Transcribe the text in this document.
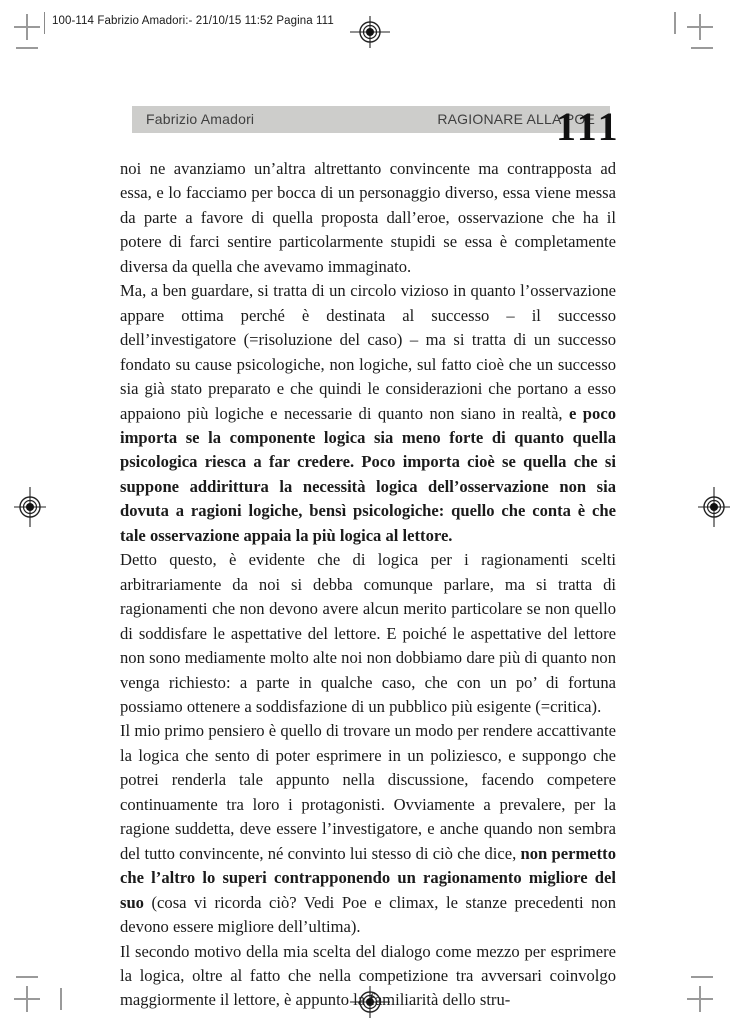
100-114 Fabrizio Amadori:- 21/10/15 11:52 Pagina 111
Fabrizio Amadori	RAGIONARE ALLA POE
111

noi ne avanziamo un’altra altrettanto convincente ma contrapposta ad essa, e lo facciamo per bocca di un personaggio diverso, essa viene messa da parte a favore di quella proposta dall’eroe, osservazione che ha il potere di farci sentire particolarmente stupidi se essa è completamente diversa da quella che avevamo immaginato.

Ma, a ben guardare, si tratta di un circolo vizioso in quanto l’osservazione appare ottima perché è destinata al successo – il successo dell’investigatore (=risoluzione del caso) – ma si tratta di un successo fondato su cause psicologiche, non logiche, sul fatto cioè che un successo sia già stato preparato e che quindi le considerazioni che portano a esso appaiono più logiche e necessarie di quanto non siano in realtà, e poco importa se la componente logica sia meno forte di quanto quella psicologica riesca a far credere. Poco importa cioè se quella che si suppone addirittura la necessità logica dell’osservazione non sia dovuta a ragioni logiche, bensì psicologiche: quello che conta è che tale osservazione appaia la più logica al lettore.

Detto questo, è evidente che di logica per i ragionamenti scelti arbitrariamente da noi si debba comunque parlare, ma si tratta di ragionamenti che non devono avere alcun merito particolare se non quello di soddisfare le aspettative del lettore. E poiché le aspettative del lettore non sono mediamente molto alte noi non dobbiamo dare più di quanto non venga richiesto: a parte in qualche caso, che con un po’ di fortuna possiamo ottenere a soddisfazione di un pubblico più esigente (=critica).

Il mio primo pensiero è quello di trovare un modo per rendere accattivante la logica che sento di poter esprimere in un poliziesco, e suppongo che potrei renderla tale appunto nella discussione, facendo competere continuamente tra loro i protagonisti. Ovviamente a prevalere, per la ragione suddetta, deve essere l’investigatore, e anche quando non sembra del tutto convincente, né convinto lui stesso di ciò che dice, non permetto che l’altro lo superi contrapponendo un ragionamento migliore del suo (cosa vi ricorda ciò? Vedi Poe e climax, le stanze precedenti non devono essere migliore dell’ultima).

Il secondo motivo della mia scelta del dialogo come mezzo per esprimere la logica, oltre al fatto che nella competizione tra avversari coinvolgo maggiormente il lettore, è appunto la familiarità dello stru-
